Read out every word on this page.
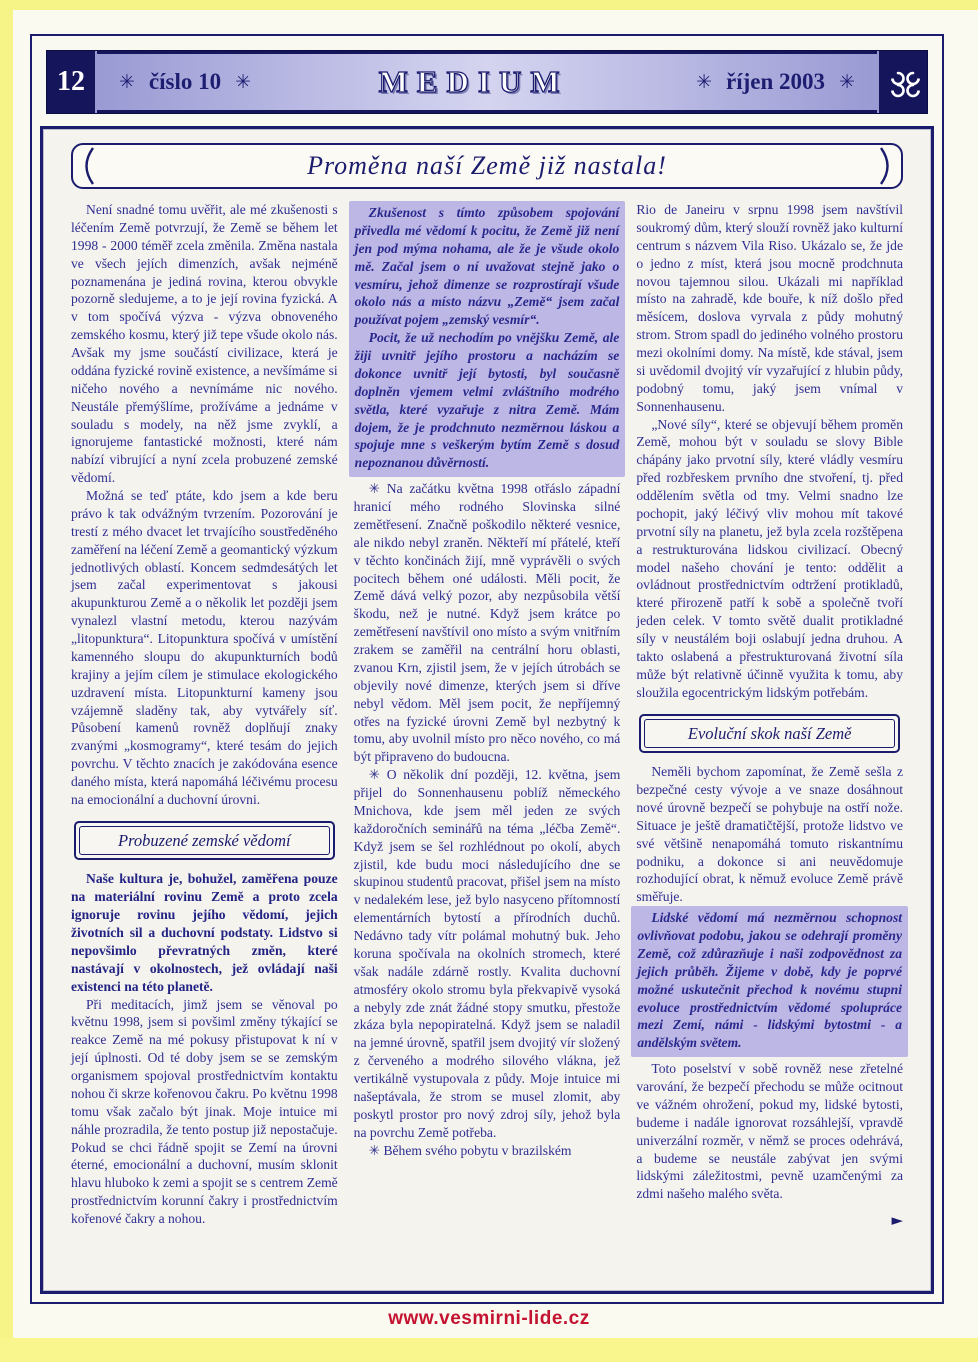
12 ✳ číslo 10 ✳	MEDIUM	✳ říjen 2003 ✳
Proměna naší Země již nastala!

Není snadné tomu uvěřit, ale mé zkušenosti s léčením Země potvrzují, že Země se během let 1998 - 2000 téměř zcela změnila. Změna nastala ve všech jejích dimenzích, avšak nejméně poznamenána je jediná rovina, kterou obvykle pozorně sledujeme, a to je její rovina fyzická. A v tom spočívá výzva - výzva obnoveného zemského kosmu, který již tepe všude okolo nás. Avšak my jsme součástí civilizace, která je oddána fyzické rovině existence, a nevšímáme si ničeho nového a nevnímáme nic nového. Neustále přemýšlíme, prožíváme a jednáme v souladu s modely, na něž jsme zvyklí, a ignorujeme fantastické možnosti, které nám nabízí vibrující a nyní zcela probuzené zemské vědomí.

Možná se teď ptáte, kdo jsem a kde beru právo k tak odvážným tvrzením. Pozorování je trestí z mého dvacet let trvajícího soustředěného zaměření na léčení Země a geomantický výzkum jednotlivých oblastí. Koncem sedmdesátých let jsem začal experimentovat s jakousi akupunkturou Země a o několik let později jsem vynalezl vlastní metodu, kterou nazývám „litopunktura“. Litopunktura spočívá v umístění kamenného sloupu do akupunkturních bodů krajiny a jejím cílem je stimulace ekologického uzdravení místa. Litopunkturní kameny jsou vzájemně sladěny tak, aby vytvářely síť. Působení kamenů rovněž doplňují znaky zvanými „kosmogramy“, které tesám do jejich povrchu. V těchto znacích je zakódována esence daného místa, která napomáhá léčivému procesu na emocionální a duchovní úrovni.

Probuzené zemské vědomí

Naše kultura je, bohužel, zaměřena pouze na materiální rovinu Země a proto zcela ignoruje rovinu jejího vědomí, jejich životních sil a duchovní podstaty. Lidstvo si nepovšimlo převratných změn, které nastávají v okolnostech, jež ovládají naši existenci na této planetě.

Při meditacích, jimž jsem se věnoval po květnu 1998, jsem si povšiml změny týkající se reakce Země na mé pokusy přistupovat k ní v její úplnosti. Od té doby jsem se se zemským organismem spojoval prostřednictvím kontaktu nohou či skrze kořenovou čakru. Po květnu 1998 tomu však začalo být jinak. Moje intuice mi náhle prozradila, že tento postup již nepostačuje. Pokud se chci řádně spojit se Zemí na úrovni éterné, emocionální a duchovní, musím sklonit hlavu hluboko k zemi a spojit se s centrem Země prostřednictvím korunní čakry i prostřednictvím kořenové čakry a nohou.

Zkušenost s tímto způsobem spojování přivedla mé vědomí k pocitu, že Země již není jen pod mýma nohama, ale že je všude okolo mě. Začal jsem o ní uvažovat stejně jako o vesmíru, jehož dimenze se rozprostírají všude okolo nás a místo názvu „Země“ jsem začal používat pojem „zemský vesmír“.

Pocit, že už nechodím po vnějšku Země, ale žiji uvnitř jejího prostoru a nacházím se dokonce uvnitř její bytosti, byl současně doplněn vjemem velmi zvláštního modrého světla, které vyzařuje z nitra Země. Mám dojem, že je prodchnuto nezměrnou láskou a spojuje mne s veškerým bytím Země s dosud nepoznanou důvěrností.

✳ Na začátku května 1998 otřáslo západní hranicí mého rodného Slovinska silné zemětřesení. Značně poškodilo některé vesnice, ale nikdo nebyl zraněn. Někteří mí přátelé, kteří v těchto končinách žijí, mně vyprávěli o svých pocitech během oné události. Měli pocit, že Země dává velký pozor, aby nezpůsobila větší škodu, než je nutné. Když jsem krátce po zemětřesení navštívil ono místo a svým vnitřním zrakem se zaměřil na centrální horu oblasti, zvanou Krn, zjistil jsem, že v jejích útrobách se objevily nové dimenze, kterých jsem si dříve nebyl vědom. Měl jsem pocit, že nepříjemný otřes na fyzické úrovni Země byl nezbytný k tomu, aby uvolnil místo pro něco nového, co má být připraveno do budoucna.

✳ O několik dní později, 12. května, jsem přijel do Sonnenhausenu poblíž německého Mnichova, kde jsem měl jeden ze svých každoročních seminářů na téma „léčba Země“. Když jsem se šel rozhlédnout po okolí, abych zjistil, kde budu moci následujícího dne se skupinou studentů pracovat, přišel jsem na místo v nedalekém lese, jež bylo nasyceno přítomností elementárních bytostí a přírodních duchů. Nedávno tady vítr polámal mohutný buk. Jeho koruna spočívala na okolních stromech, které však nadále zdárně rostly. Kvalita duchovní atmosféry okolo stromu byla překvapivě vysoká a nebyly zde znát žádné stopy smutku, přestože zkáza byla nepopiratelná. Když jsem se naladil na jemné úrovně, spatřil jsem dvojitý vír složený z červeného a modrého silového vlákna, jež vertikálně vystupovala z půdy. Moje intuice mi našeptávala, že strom se musel zlomit, aby poskytl prostor pro nový zdroj síly, jehož byla na povrchu Země potřeba.

✳ Během svého pobytu v brazilském

Rio de Janeiru v srpnu 1998 jsem navštívil soukromý dům, který slouží rovněž jako kulturní centrum s názvem Vila Riso. Ukázalo se, že jde o jedno z míst, která jsou mocně prodchnuta novou tajemnou silou. Ukázali mi například místo na zahradě, kde bouře, k níž došlo před měsícem, doslova vyrvala z půdy mohutný strom. Strom spadl do jediného volného prostoru mezi okolními domy. Na místě, kde stával, jsem si uvědomil dvojitý vír vyzařující z hlubin půdy, podobný tomu, jaký jsem vnímal v Sonnenhausenu.

„Nové síly“, které se objevují během proměn Země, mohou být v souladu se slovy Bible chápány jako prvotní síly, které vládly vesmíru před rozbřeskem prvního dne stvoření, tj. před oddělením světla od tmy. Velmi snadno lze pochopit, jaký léčivý vliv mohou mít takové prvotní síly na planetu, jež byla zcela rozštěpena a restrukturována lidskou civilizací. Obecný model našeho chování je tento: oddělit a ovládnout prostřednictvím odtržení protikladů, které přirozeně patří k sobě a společně tvoří jeden celek. V tomto světě dualit protikladné síly v neustálém boji oslabují jedna druhou. A takto oslabená a přestrukturovaná životní síla může být relativně účinně využita k tomu, aby sloužila egocentrickým lidským potřebám.

Evoluční skok naší Země

Neměli bychom zapomínat, že Země sešla z bezpečné cesty vývoje a ve snaze dosáhnout nové úrovně bezpečí se pohybuje na ostří nože. Situace je ještě dramatičtější, protože lidstvo ve své většině nenapomáhá tomuto riskantnímu podniku, a dokonce si ani neuvědomuje rozhodující obrat, k němuž evoluce Země právě směřuje.

Lidské vědomí má nezměrnou schopnost ovlivňovat podobu, jakou se odehrají proměny Země, což zdůrazňuje i naši zodpovědnost za jejich průběh. Žijeme v době, kdy je poprvé možné uskutečnit přechod k novému stupni evoluce prostřednictvím vědomé spolupráce mezi Zemí, námi - lidskými bytostmi - a andělským světem.

Toto poselství v sobě rovněž nese zřetelné varování, že bezpečí přechodu se může ocitnout ve vážném ohrožení, pokud my, lidské bytosti, budeme i nadále ignorovat rozsáhlejší, vpravdě univerzální rozměr, v němž se proces odehrává, a budeme se neustále zabývat jen svými lidskými záležitostmi, pevně uzamčenými za zdmi našeho malého světa.

►
www.vesmirni-lide.cz
